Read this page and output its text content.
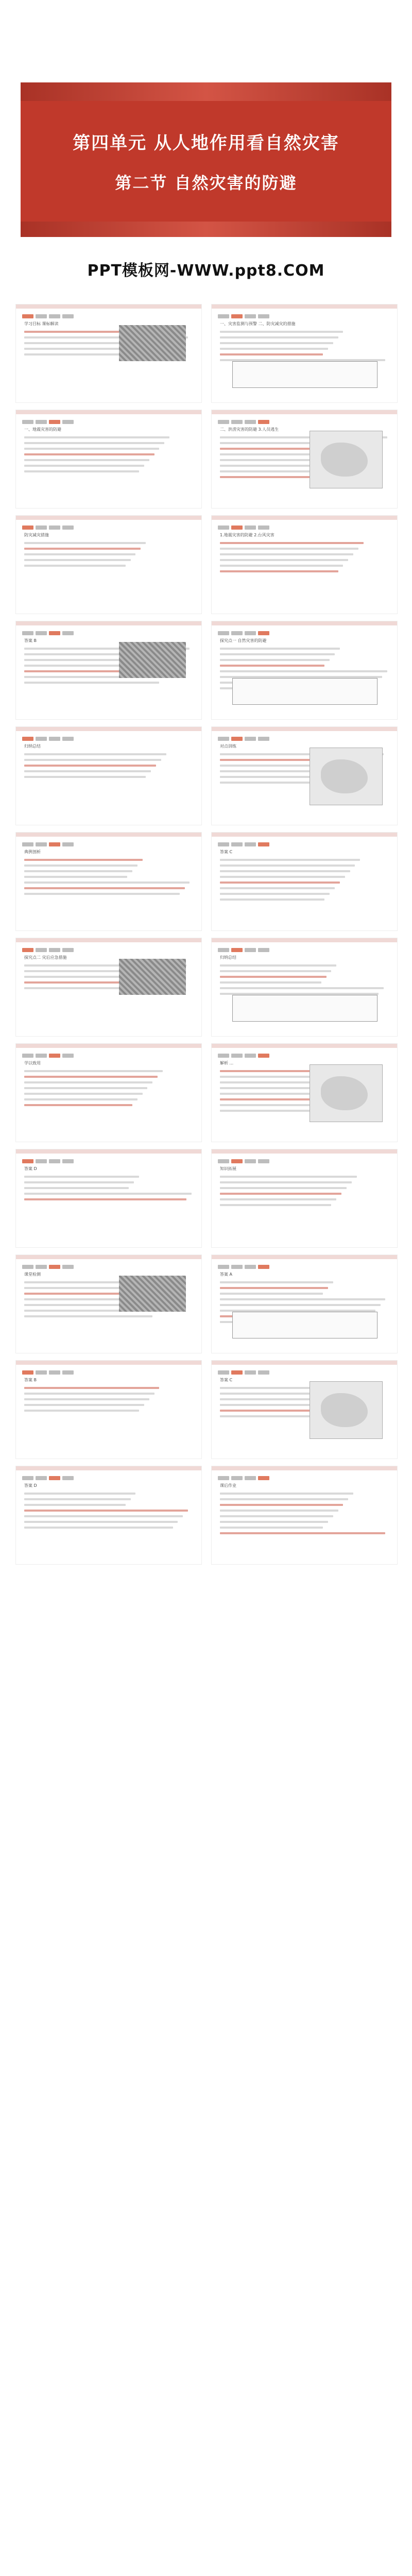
第四单元 从人地作用看自然灾害
第二节 自然灾害的防避
PPT模板网-WWW.ppt8.COM
学习目标 课标解读	一、灾害监测与预警 二、防灾减灾的措施
一、地震灾害的防避	二、洪涝灾害的防避 3.人员逃生
防灾减灾措施	1.地震灾害的防避 2.台风灾害
答案 B	探究点一 自然灾害的防避
归纳总结	对点训练
典例剖析	答案 C
探究点二 灾后应急措施	归纳总结
学以致用	解析 ...
答案 D	知识拓展
课堂检测	答案 A
答案 B	答案 C
答案 D	课后作业
